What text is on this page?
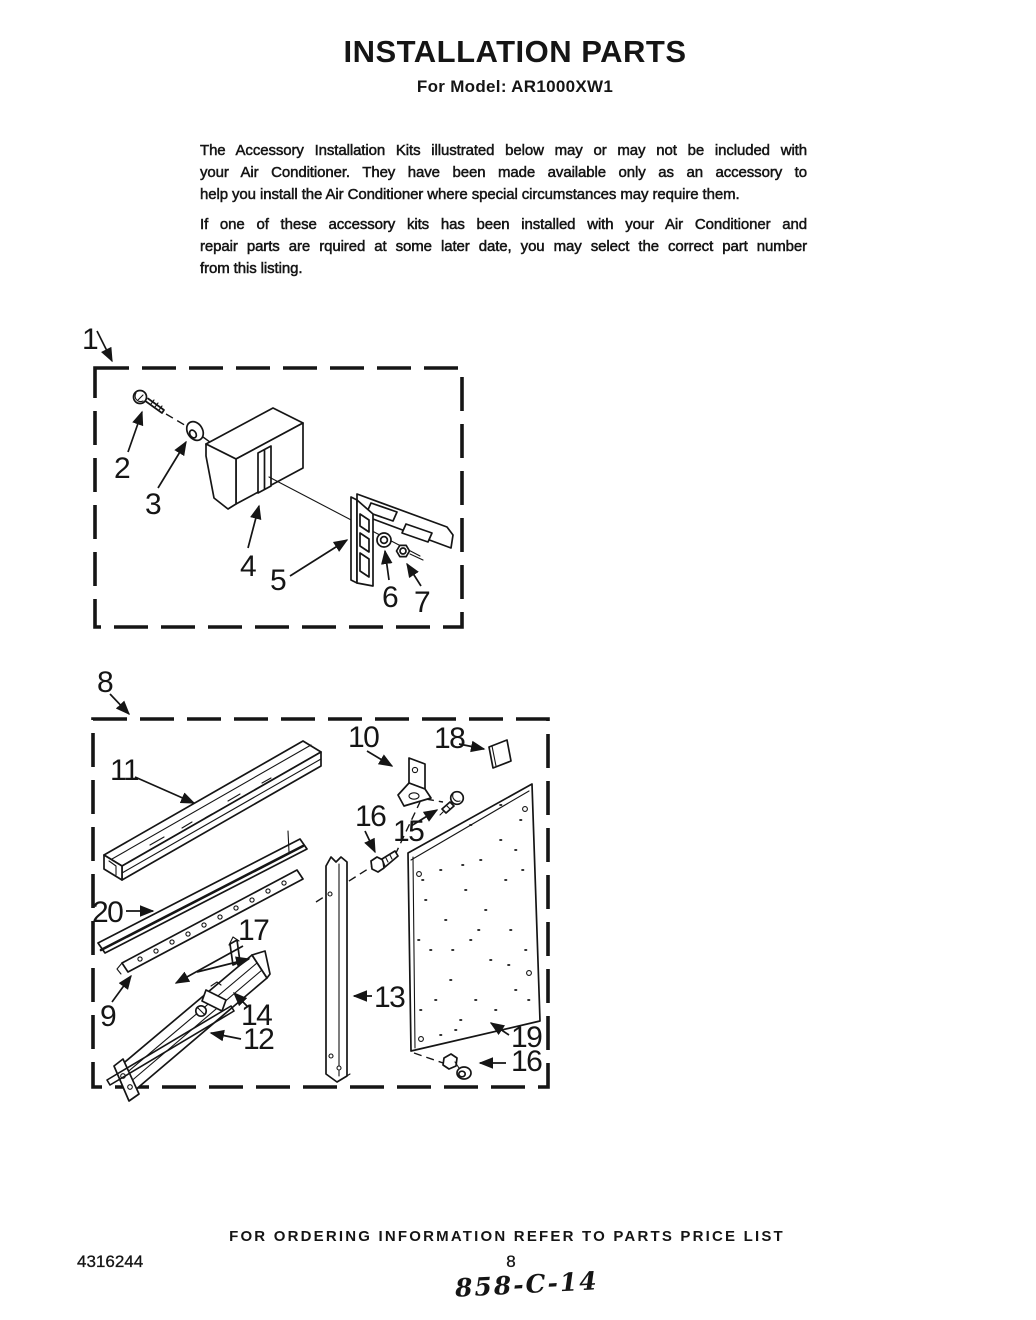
INSTALLATION PARTS
For Model: AR1000XW1
The Accessory Installation Kits illustrated below may or may not be included with
your Air Conditioner. They have been made available only as an accessory to
help you install the Air Conditioner where special circumstances may require them.
If one of these accessory kits has been installed with your Air Conditioner and
repair parts are rquired at some later date, you may select the correct part number
from this listing.
1
2
3
4 5
6 7
8
11
20
9
17
14
12
13
16
10
15
18
19
16
FOR ORDERING INFORMATION REFER TO PARTS PRICE LIST
4316244	8
858-C-14
